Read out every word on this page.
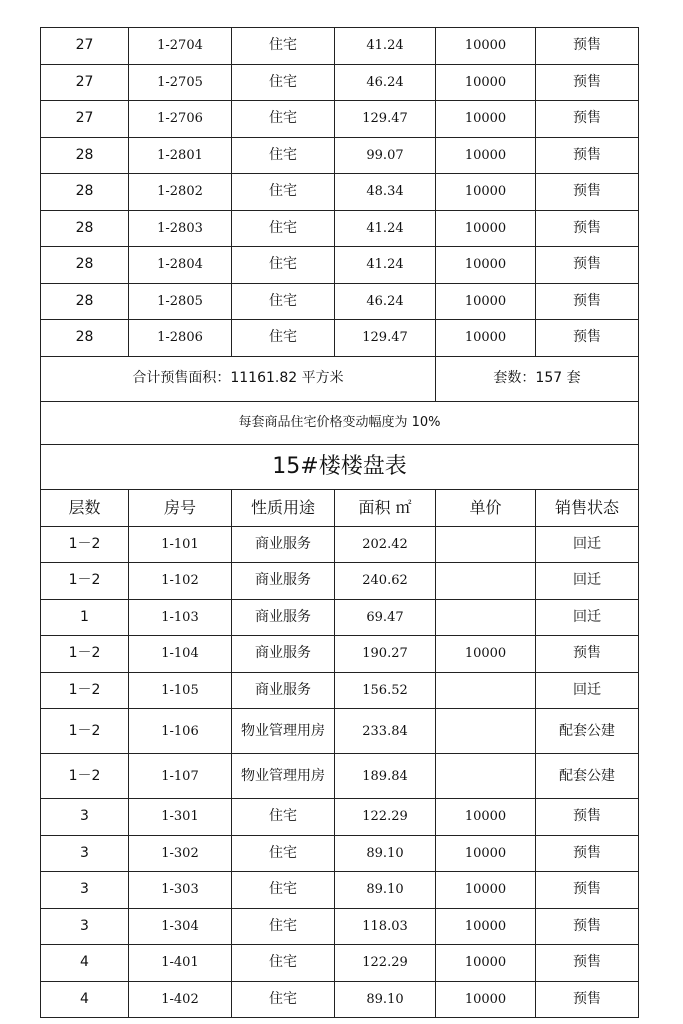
27	1-2704	住宅	41.24	10000	预售
27	1-2705	住宅	46.24	10000	预售
27	1-2706	住宅	129.47	10000	预售
28	1-2801	住宅	99.07	10000	预售
28	1-2802	住宅	48.34	10000	预售
28	1-2803	住宅	41.24	10000	预售
28	1-2804	住宅	41.24	10000	预售
28	1-2805	住宅	46.24	10000	预售
28	1-2806	住宅	129.47	10000	预售
合计预售面积：11161.82 平方米				套数：157 套	
每套商品住宅价格变动幅度为 10%					
15#楼楼盘表					
层数	房号	性质用途	面积 ㎡	单价	销售状态
1－2	1-101	商业服务	202.42		回迁
1－2	1-102	商业服务	240.62		回迁
1	1-103	商业服务	69.47		回迁
1－2	1-104	商业服务	190.27	10000	预售
1－2	1-105	商业服务	156.52		回迁
1－2	1-106	物业管理用房	233.84		配套公建
1－2	1-107	物业管理用房	189.84		配套公建
3	1-301	住宅	122.29	10000	预售
3	1-302	住宅	89.10	10000	预售
3	1-303	住宅	89.10	10000	预售
3	1-304	住宅	118.03	10000	预售
4	1-401	住宅	122.29	10000	预售
4	1-402	住宅	89.10	10000	预售
